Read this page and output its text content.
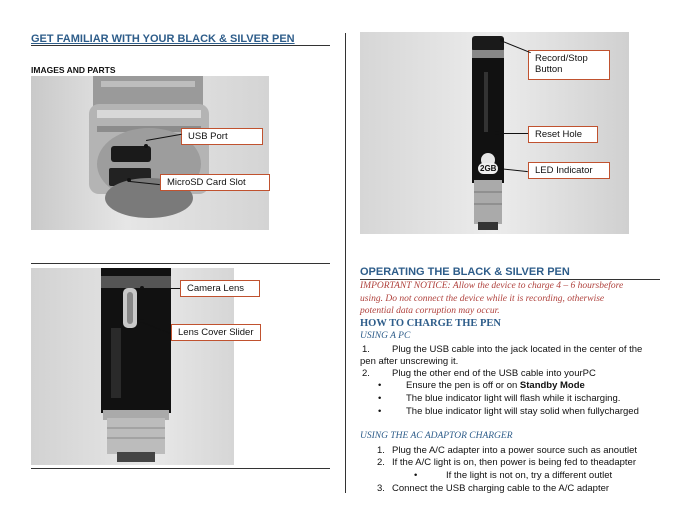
GET FAMILIAR WITH YOUR BLACK & SILVER PEN
IMAGES AND PARTS
USB Port
MicroSD Card Slot
Camera Lens
Lens Cover Slider
2GB
Record/Stop
Button
Reset Hole
LED Indicator
OPERATING THE BLACK & SILVER PEN
IMPORTANT NOTICE: Allow the device to charge 4 – 6 hoursbefore
using. Do not connect the device while it is recording, otherwise
potential data corruption may occur.
HOW TO CHARGE THE PEN
USING A PC
1. Plug the USB cable into the jack located in the center of the
pen after unscrewing it.
2. Plug the other end of the USB cable into yourPC
•	Ensure the pen is off or on Standby Mode
•	The blue indicator light will flash while it ischarging.
•	The blue indicator light will stay solid when fullycharged
USING THE AC ADAPTOR CHARGER
1. Plug the A/C adapter into a power source such as anoutlet
2. If the A/C light is on, then power is being fed to theadapter
•	If the light is not on, try a different outlet
3. Connect the USB charging cable to the A/C adapter
